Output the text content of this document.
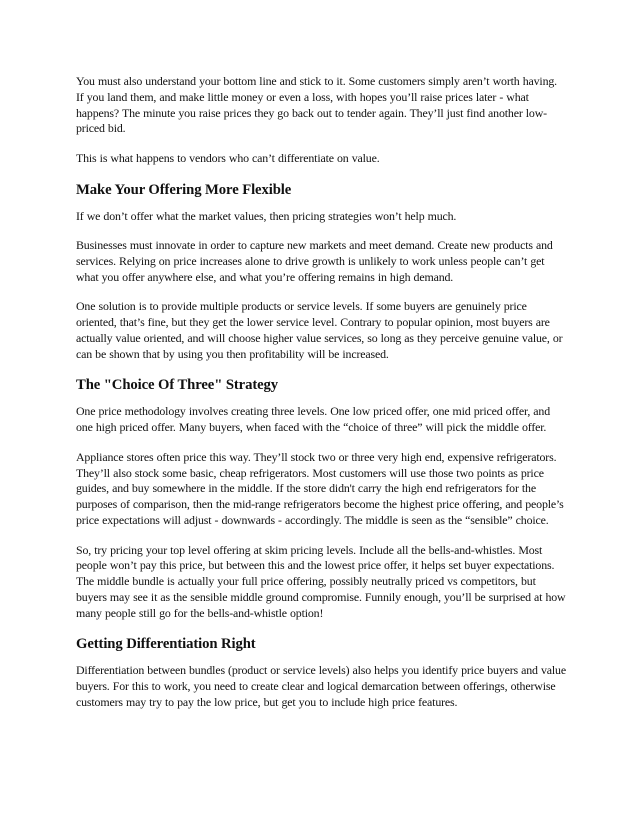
You must also understand your bottom line and stick to it. Some customers simply aren’t worth having. If you land them, and make little money or even a loss, with hopes you’ll raise prices later - what happens? The minute you raise prices they go back out to tender again. They’ll just find another low-priced bid.

This is what happens to vendors who can’t differentiate on value.

Make Your Offering More Flexible

If we don’t offer what the market values, then pricing strategies won’t help much.

Businesses must innovate in order to capture new markets and meet demand. Create new products and services. Relying on price increases alone to drive growth is unlikely to work unless people can’t get what you offer anywhere else, and what you’re offering remains in high demand.

One solution is to provide multiple products or service levels. If some buyers are genuinely price oriented, that’s fine, but they get the lower service level. Contrary to popular opinion, most buyers are actually value oriented, and will choose higher value services, so long as they perceive genuine value, or can be shown that by using you then profitability will be increased.

The "Choice Of Three" Strategy

One price methodology involves creating three levels. One low priced offer, one mid priced offer, and one high priced offer. Many buyers, when faced with the “choice of three” will pick the middle offer.

Appliance stores often price this way. They’ll stock two or three very high end, expensive refrigerators. They’ll also stock some basic, cheap refrigerators. Most customers will use those two points as price guides, and buy somewhere in the middle. If the store didn't carry the high end refrigerators for the purposes of comparison, then the mid-range refrigerators become the highest price offering, and people’s price expectations will adjust - downwards - accordingly. The middle is seen as the “sensible” choice.

So, try pricing your top level offering at skim pricing levels. Include all the bells-and-whistles. Most people won’t pay this price, but between this and the lowest price offer, it helps set buyer expectations. The middle bundle is actually your full price offering, possibly neutrally priced vs competitors, but buyers may see it as the sensible middle ground compromise. Funnily enough, you’ll be surprised at how many people still go for the bells-and-whistle option!

Getting Differentiation Right

Differentiation between bundles (product or service levels) also helps you identify price buyers and value buyers. For this to work, you need to create clear and logical demarcation between offerings, otherwise customers may try to pay the low price, but get you to include high price features.
